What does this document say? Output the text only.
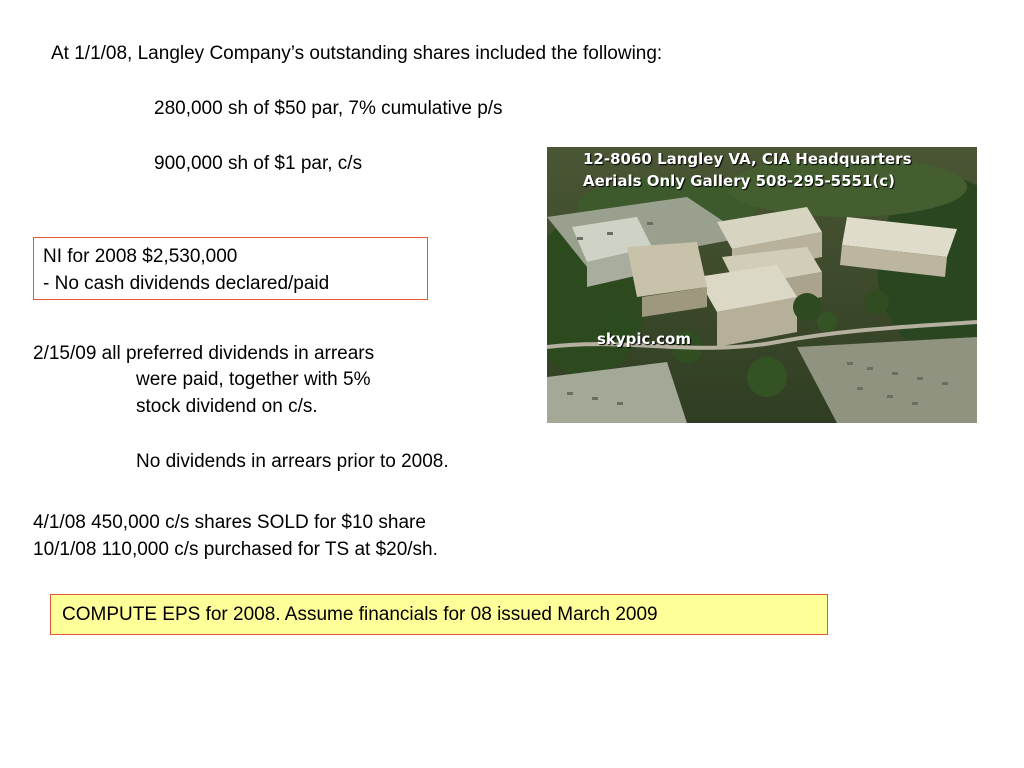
At 1/1/08, Langley Company’s outstanding shares included the following:
280,000 sh of $50 par, 7% cumulative p/s
900,000 sh of $1 par, c/s
NI for 2008 $2,530,000
- No cash dividends declared/paid
2/15/09 all preferred dividends in arrears
were paid, together with 5%
stock dividend on c/s.
No dividends in arrears prior to 2008.
4/1/08 450,000 c/s shares SOLD for $10 share
10/1/08 110,000 c/s purchased for TS at $20/sh.
COMPUTE EPS for 2008. Assume financials for 08 issued March 2009
12-8060 Langley VA, CIA Headquarters
Aerials Only Gallery 508-295-5551(c)
skypic.com
